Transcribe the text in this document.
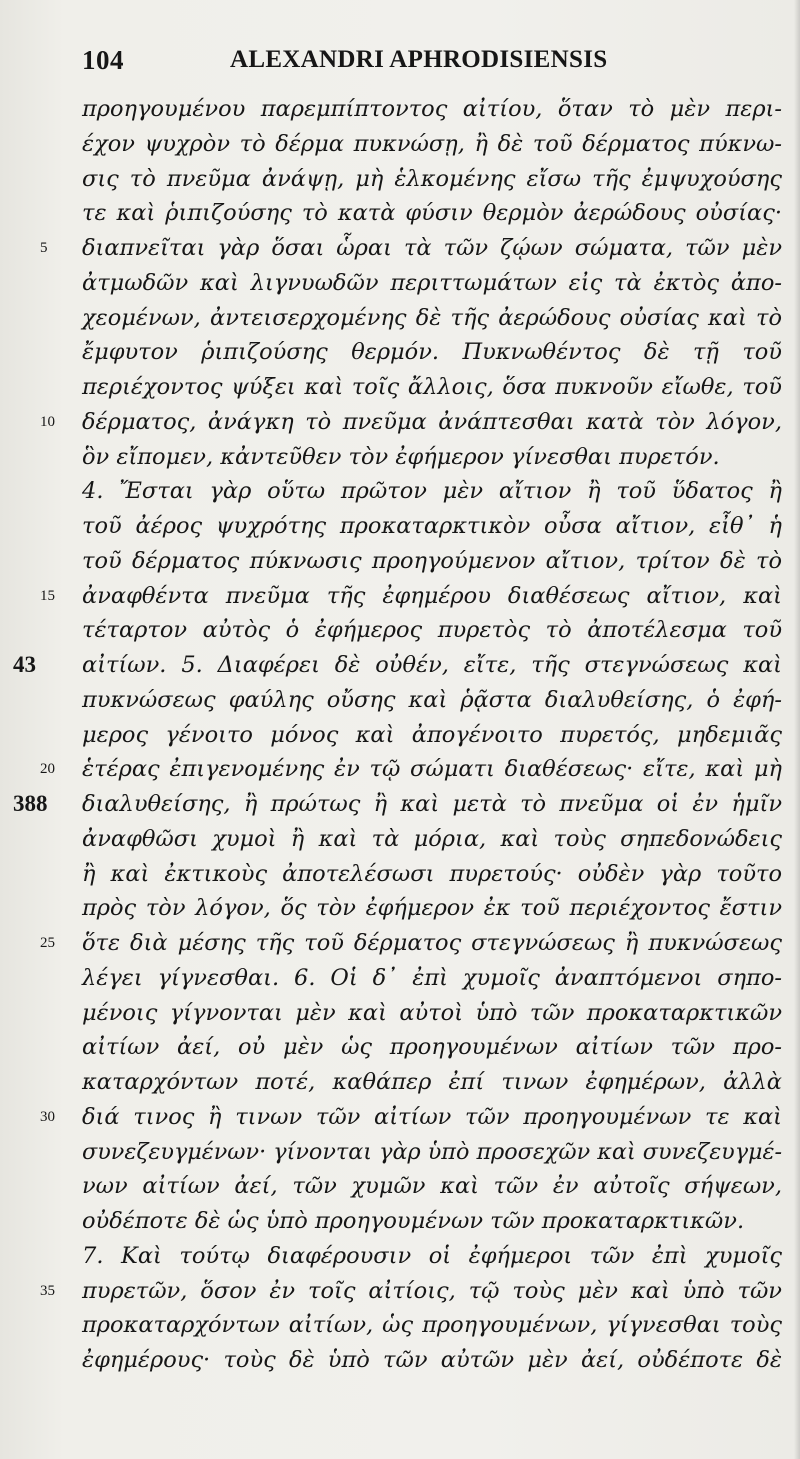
104	ALEXANDRI APHRODISIENSIS
προηγουμένου παρεμπίπτοντος αἰτίου, ὅταν τὸ μὲν περι-
έχον ψυχρὸν τὸ δέρμα πυκνώσῃ, ἢ δὲ τοῦ δέρματος πύκνω-
σις τὸ πνεῦμα ἀνάψῃ, μὴ ἑλκομένης εἴσω τῆς ἐμψυχούσης
τε καὶ ῥιπιζούσης τὸ κατὰ φύσιν θερμὸν ἀερώδους οὐσίας·
5	διαπνεῖται γὰρ ὅσαι ὧραι τὰ τῶν ζῴων σώματα, τῶν μὲν
ἀτμωδῶν καὶ λιγνυωδῶν περιττωμάτων εἰς τὰ ἐκτὸς ἀπο-
χεομένων, ἀντεισερχομένης δὲ τῆς ἀερώδους οὐσίας καὶ τὸ
ἔμφυτον ῥιπιζούσης θερμόν. Πυκνωθέντος δὲ τῇ τοῦ
περιέχοντος ψύξει καὶ τοῖς ἄλλοις, ὅσα πυκνοῦν εἴωθε, τοῦ
10	δέρματος, ἀνάγκη τὸ πνεῦμα ἀνάπτεσθαι κατὰ τὸν λόγον,
ὃν εἴπομεν, κἀντεῦθεν τὸν ἐφήμερον γίνεσθαι πυρετόν.
4. Ἔσται γὰρ οὕτω πρῶτον μὲν αἴτιον ἢ τοῦ ὕδατος ἢ
τοῦ ἀέρος ψυχρότης προκαταρκτικὸν οὖσα αἴτιον, εἶθ᾽ ἡ
τοῦ δέρματος πύκνωσις προηγούμενον αἴτιον, τρίτον δὲ τὸ
15	ἀναφθέντα πνεῦμα τῆς ἐφημέρου διαθέσεως αἴτιον, καὶ
τέταρτον αὐτὸς ὁ ἐφήμερος πυρετὸς τὸ ἀποτέλεσμα τοῦ
43	αἰτίων. 5. Διαφέρει δὲ οὐθέν, εἴτε, τῆς στεγνώσεως καὶ
πυκνώσεως φαύλης οὔσης καὶ ῥᾷστα διαλυθείσης, ὁ ἐφή-
μερος γένοιτο μόνος καὶ ἀπογένοιτο πυρετός, μηδεμιᾶς
20	ἑτέρας ἐπιγενομένης ἐν τῷ σώματι διαθέσεως· εἴτε, καὶ μὴ
388	διαλυθείσης, ἢ πρώτως ἢ καὶ μετὰ τὸ πνεῦμα οἱ ἐν ἡμῖν
ἀναφθῶσι χυμοὶ ἢ καὶ τὰ μόρια, καὶ τοὺς σηπεδονώδεις
ἢ καὶ ἐκτικοὺς ἀποτελέσωσι πυρετούς· οὐδὲν γὰρ τοῦτο
πρὸς τὸν λόγον, ὅς τὸν ἐφήμερον ἐκ τοῦ περιέχοντος ἔστιν
25	ὅτε διὰ μέσης τῆς τοῦ δέρματος στεγνώσεως ἢ πυκνώσεως
λέγει γίγνεσθαι. 6. Οἱ δ᾽ ἐπὶ χυμοῖς ἀναπτόμενοι σηπο-
μένοις γίγνονται μὲν καὶ αὐτοὶ ὑπὸ τῶν προκαταρκτικῶν
αἰτίων ἀεί, οὐ μὲν ὡς προηγουμένων αἰτίων τῶν προ-
καταρχόντων ποτέ, καθάπερ ἐπί τινων ἐφημέρων, ἀλλὰ
30	διά τινος ἢ τινων τῶν αἰτίων τῶν προηγουμένων τε καὶ
συνεζευγμένων· γίνονται γὰρ ὑπὸ προσεχῶν καὶ συνεζευγμέ-
νων αἰτίων ἀεί, τῶν χυμῶν καὶ τῶν ἐν αὐτοῖς σήψεων,
οὐδέποτε δὲ ὡς ὑπὸ προηγουμένων τῶν προκαταρκτικῶν.
7. Καὶ τούτῳ διαφέρουσιν οἱ ἐφήμεροι τῶν ἐπὶ χυμοῖς
35	πυρετῶν, ὅσον ἐν τοῖς αἰτίοις, τῷ τοὺς μὲν καὶ ὑπὸ τῶν
προκαταρχόντων αἰτίων, ὡς προηγουμένων, γίγνεσθαι τοὺς
ἐφημέρους· τοὺς δὲ ὑπὸ τῶν αὐτῶν μὲν ἀεί, οὐδέποτε δὲ
